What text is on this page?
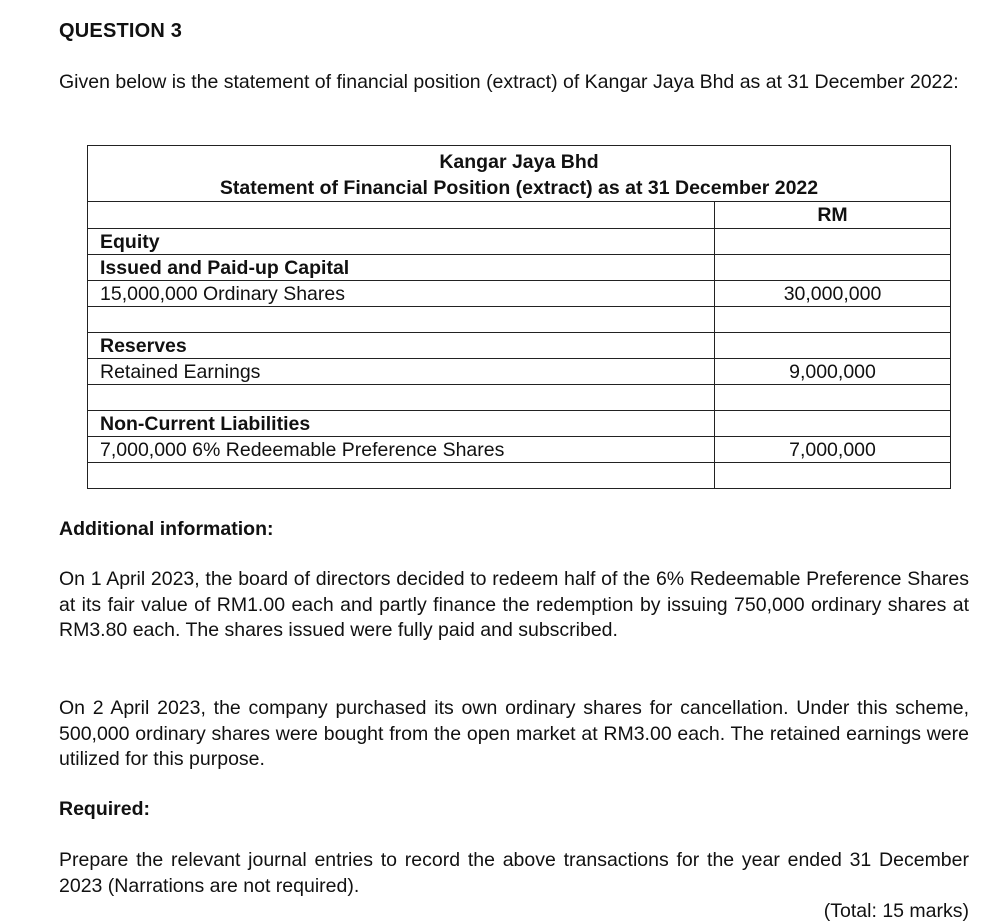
QUESTION 3
Given below is the statement of financial position (extract) of Kangar Jaya Bhd as at 31 December 2022:
Kangar Jaya Bhd
Statement of Financial Position (extract) as at 31 December 2022	

	RM
Equity	
Issued and Paid-up Capital	
15,000,000 Ordinary Shares	30,000,000

Reserves	
Retained Earnings	9,000,000

Non-Current Liabilities	
7,000,000 6% Redeemable Preference Shares	7,000,000

Additional information:
On 1 April 2023, the board of directors decided to redeem half of the 6% Redeemable Preference Shares at its fair value of RM1.00 each and partly finance the redemption by issuing 750,000 ordinary shares at RM3.80 each. The shares issued were fully paid and subscribed.
On 2 April 2023, the company purchased its own ordinary shares for cancellation. Under this scheme, 500,000 ordinary shares were bought from the open market at RM3.00 each. The retained earnings were utilized for this purpose.
Required:
Prepare the relevant journal entries to record the above transactions for the year ended 31 December 2023 (Narrations are not required).
(Total: 15 marks)
